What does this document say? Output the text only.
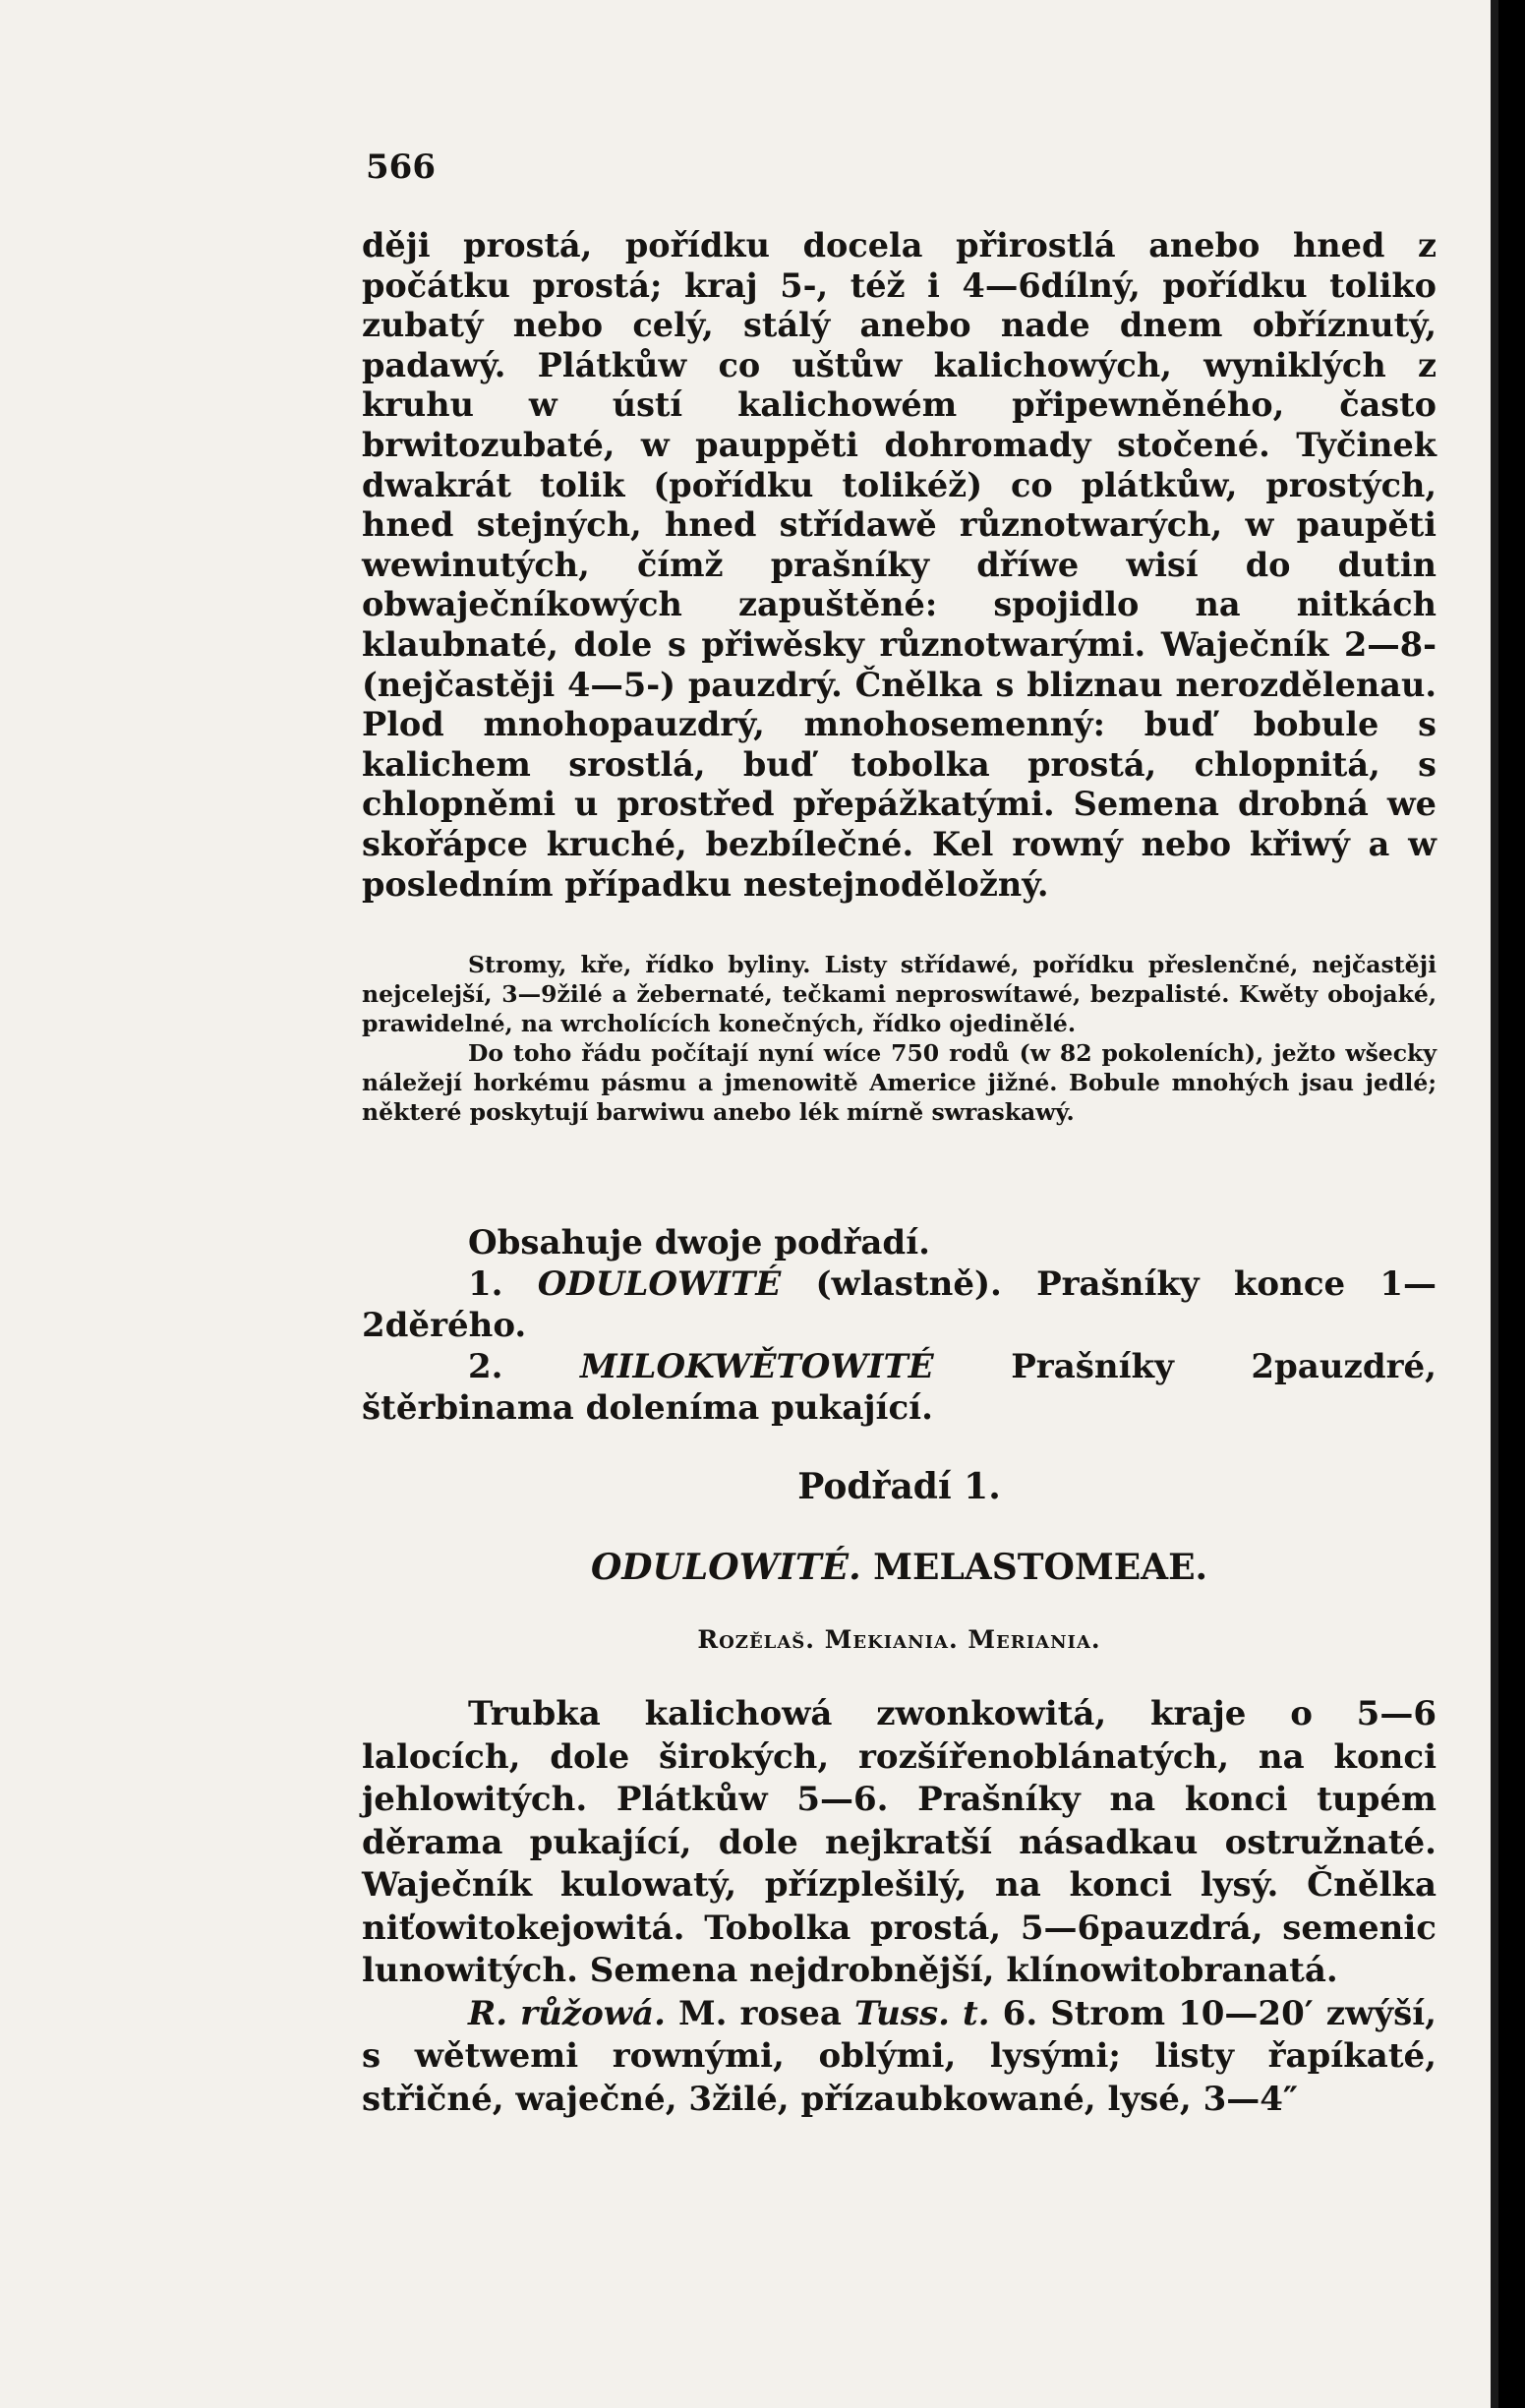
566

ději prostá, pořídku docela přirostlá anebo hned z počátku prostá; kraj 5-, též i 4—6dílný, pořídku toliko zubatý nebo celý, stálý anebo nade dnem obříznutý, padawý. Plátkůw co uštůw kalichowých, wyniklých z kruhu w ústí kalichowém připewněného, často brwitozubaté, w pauppěti dohromady stočené. Tyčinek dwakrát tolik (pořídku tolikéž) co plátkůw, prostých, hned stejných, hned střídawě různotwarých, w paupěti wewinutých, čímž prašníky dříwe wisí do dutin obwaječníkowých zapuštěné: spojidlo na nitkách klaubnaté, dole s přiwěsky různotwarými. Waječník 2—8- (nejčastěji 4—5-) pauzdrý. Čnělka s bliznau nerozdělenau. Plod mnohopauzdrý, mnohosemenný: buď bobule s kalichem srostlá, buď tobolka prostá, chlopnitá, s chlopněmi u prostřed přepážkatými. Semena drobná we skořápce kruché, bezbílečné. Kel rowný nebo křiwý a w posledním případku nestejnoděložný.

Stromy, kře, řídko byliny. Listy střídawé, pořídku přeslenčné, nejčastěji nejcelejší, 3—9žilé a žebernaté, tečkami neproswítawé, bezpalisté. Kwěty obojaké, prawidelné, na wrcholících konečných, řídko ojedinělé.

Do toho řádu počítají nyní wíce 750 rodů (w 82 pokoleních), ježto wšecky náležejí horkému pásmu a jmenowitě Americe jižné. Bobule mnohých jsau jedlé; některé poskytují barwiwu anebo lék mírně swraskawý.

Obsahuje dwoje podřadí.

1. ODULOWITÉ (wlastně). Prašníky konce 1—2děrého.

2. MILOKWĚTOWITÉ Prašníky 2pauzdré, štěrbinama doleníma pukající.

Podřadí 1.
ODULOWITÉ. MELASTOMEAE.
Rozělaš. Mekiania. Meriania.

Trubka kalichowá zwonkowitá, kraje o 5—6 lalocích, dole širokých, rozšířenoblánatých, na konci jehlowitých. Plátkůw 5—6. Prašníky na konci tupém děrama pukající, dole nejkratší násadkau ostružnaté. Waječník kulowatý, přízplešilý, na konci lysý. Čnělka niťowitokejowitá. Tobolka prostá, 5—6pauzdrá, semenic lunowitých. Semena nejdrobnější, klínowitobranatá.

R. růžowá. M. rosea Tuss. t. 6. Strom 10—20′ zwýší, s wětwemi rownými, oblými, lysými; listy řapíkaté, střičné, waječné, 3žilé, přízaubkowané, lysé, 3—4″
